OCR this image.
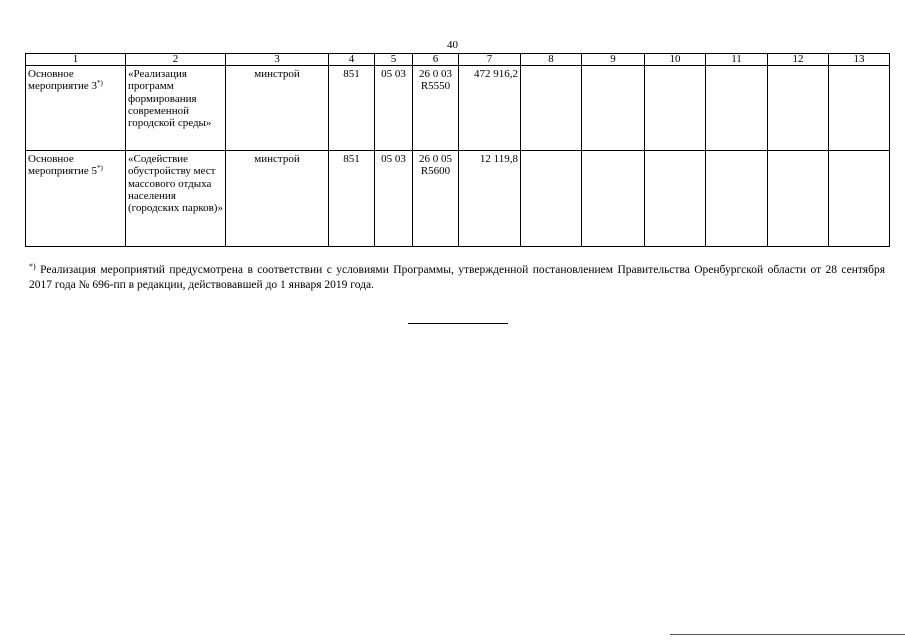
40
1	2	3	4	5	6	7	8	9	10	11	12	13
Основное мероприятие 3*)	«Реализация программ формирования современной городской среды»	минстрой	851	05 03	26 0 03 R5550	472 916,2						
Основное мероприятие 5*)	«Содействие обустройству мест массового отдыха населения (городских парков)»	минстрой	851	05 03	26 0 05 R5600	12 119,8						
*) Реализация мероприятий предусмотрена в соответствии с условиями Программы, утвержденной постановлением Правительства Оренбургской области от 28 сентября 2017 года № 696-пп в редакции, действовавшей до 1 января 2019 года.
